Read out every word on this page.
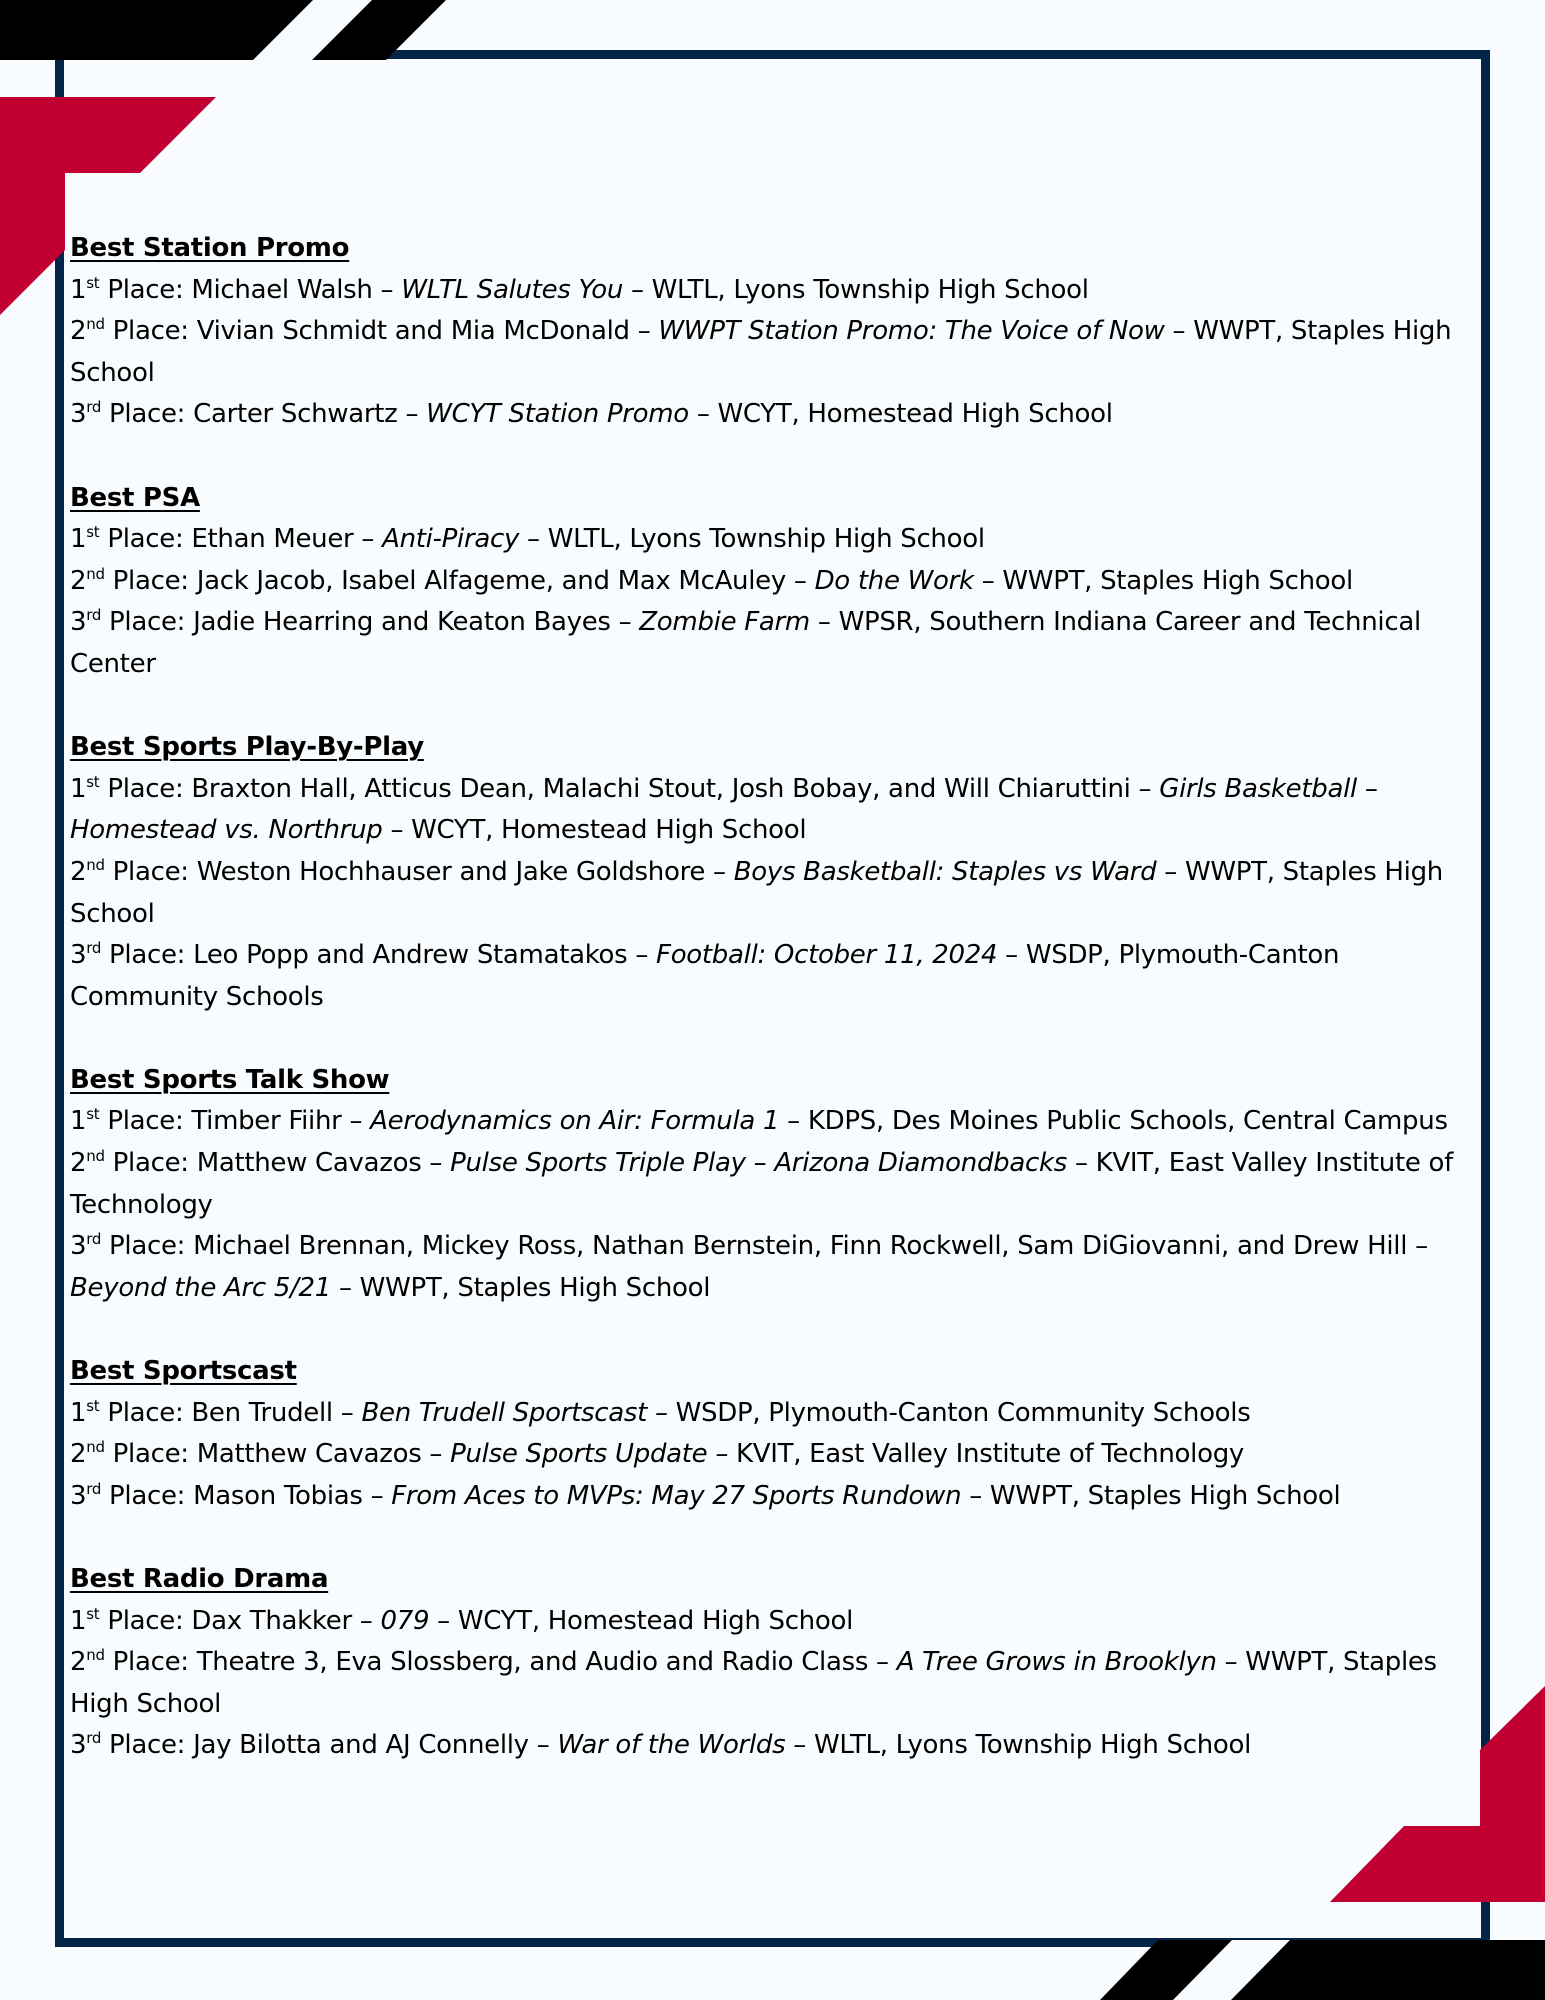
Best Station Promo

1st Place: Michael Walsh – WLTL Salutes You – WLTL, Lyons Township High School

2nd Place: Vivian Schmidt and Mia McDonald – WWPT Station Promo: The Voice of Now – WWPT, Staples High School

3rd Place: Carter Schwartz – WCYT Station Promo – WCYT, Homestead High School

Best PSA

1st Place: Ethan Meuer – Anti-Piracy – WLTL, Lyons Township High School

2nd Place: Jack Jacob, Isabel Alfageme, and Max McAuley – Do the Work – WWPT, Staples High School

3rd Place: Jadie Hearring and Keaton Bayes – Zombie Farm – WPSR, Southern Indiana Career and Technical Center

Best Sports Play-By-Play

1st Place: Braxton Hall, Atticus Dean, Malachi Stout, Josh Bobay, and Will Chiaruttini – Girls Basketball – Homestead vs. Northrup – WCYT, Homestead High School

2nd Place: Weston Hochhauser and Jake Goldshore – Boys Basketball: Staples vs Ward – WWPT, Staples High School

3rd Place: Leo Popp and Andrew Stamatakos – Football: October 11, 2024 – WSDP, Plymouth-Canton Community Schools

Best Sports Talk Show

1st Place: Timber Fiihr – Aerodynamics on Air: Formula 1 – KDPS, Des Moines Public Schools, Central Campus

2nd Place: Matthew Cavazos – Pulse Sports Triple Play – Arizona Diamondbacks – KVIT, East Valley Institute of Technology

3rd Place: Michael Brennan, Mickey Ross, Nathan Bernstein, Finn Rockwell, Sam DiGiovanni, and Drew Hill – Beyond the Arc 5/21 – WWPT, Staples High School

Best Sportscast

1st Place: Ben Trudell – Ben Trudell Sportscast – WSDP, Plymouth-Canton Community Schools

2nd Place: Matthew Cavazos – Pulse Sports Update – KVIT, East Valley Institute of Technology

3rd Place: Mason Tobias – From Aces to MVPs: May 27 Sports Rundown – WWPT, Staples High School

Best Radio Drama

1st Place: Dax Thakker – 079 – WCYT, Homestead High School

2nd Place: Theatre 3, Eva Slossberg, and Audio and Radio Class – A Tree Grows in Brooklyn – WWPT, Staples High School

3rd Place: Jay Bilotta and AJ Connelly – War of the Worlds – WLTL, Lyons Township High School
